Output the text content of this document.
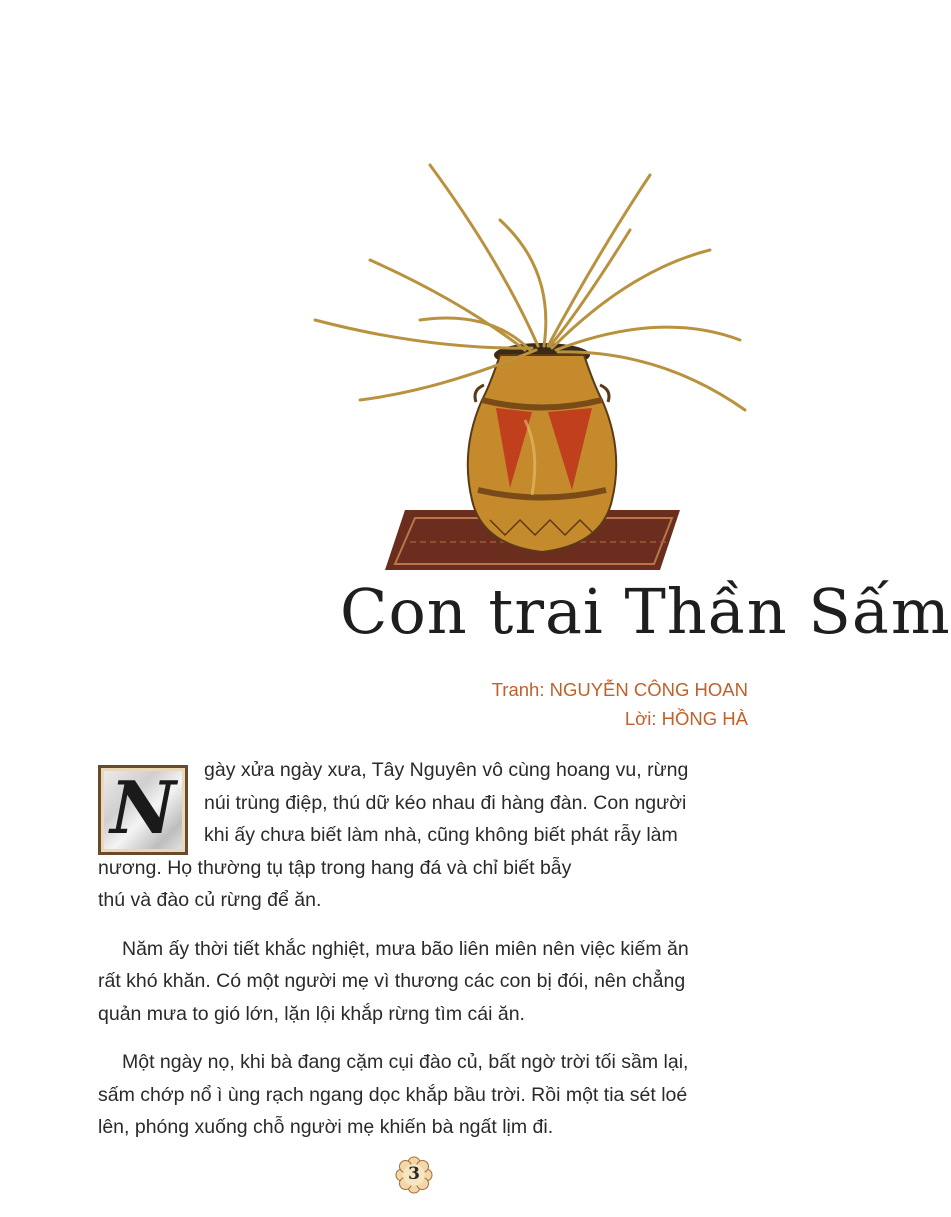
Con trai Thần Sấm
Tranh: NGUYỄN CÔNG HOAN
Lời: HỒNG HÀ
N	gày xửa ngày xưa, Tây Nguyên vô cùng hoang vu, rừng
núi trùng điệp, thú dữ kéo nhau đi hàng đàn. Con người
khi ấy chưa biết làm nhà, cũng không biết phát rẫy làm
nương. Họ thường tụ tập trong hang đá và chỉ biết bẫy
thú và đào củ rừng để ăn.

Năm ấy thời tiết khắc nghiệt, mưa bão liên miên nên việc kiếm ăn
rất khó khăn. Có một người mẹ vì thương các con bị đói, nên chẳng
quản mưa to gió lớn, lặn lội khắp rừng tìm cái ăn.

Một ngày nọ, khi bà đang cặm cụi đào củ, bất ngờ trời tối sầm lại,
sấm chớp nổ ì ùng rạch ngang dọc khắp bầu trời. Rồi một tia sét loé
lên, phóng xuống chỗ người mẹ khiến bà ngất lịm đi.

3
